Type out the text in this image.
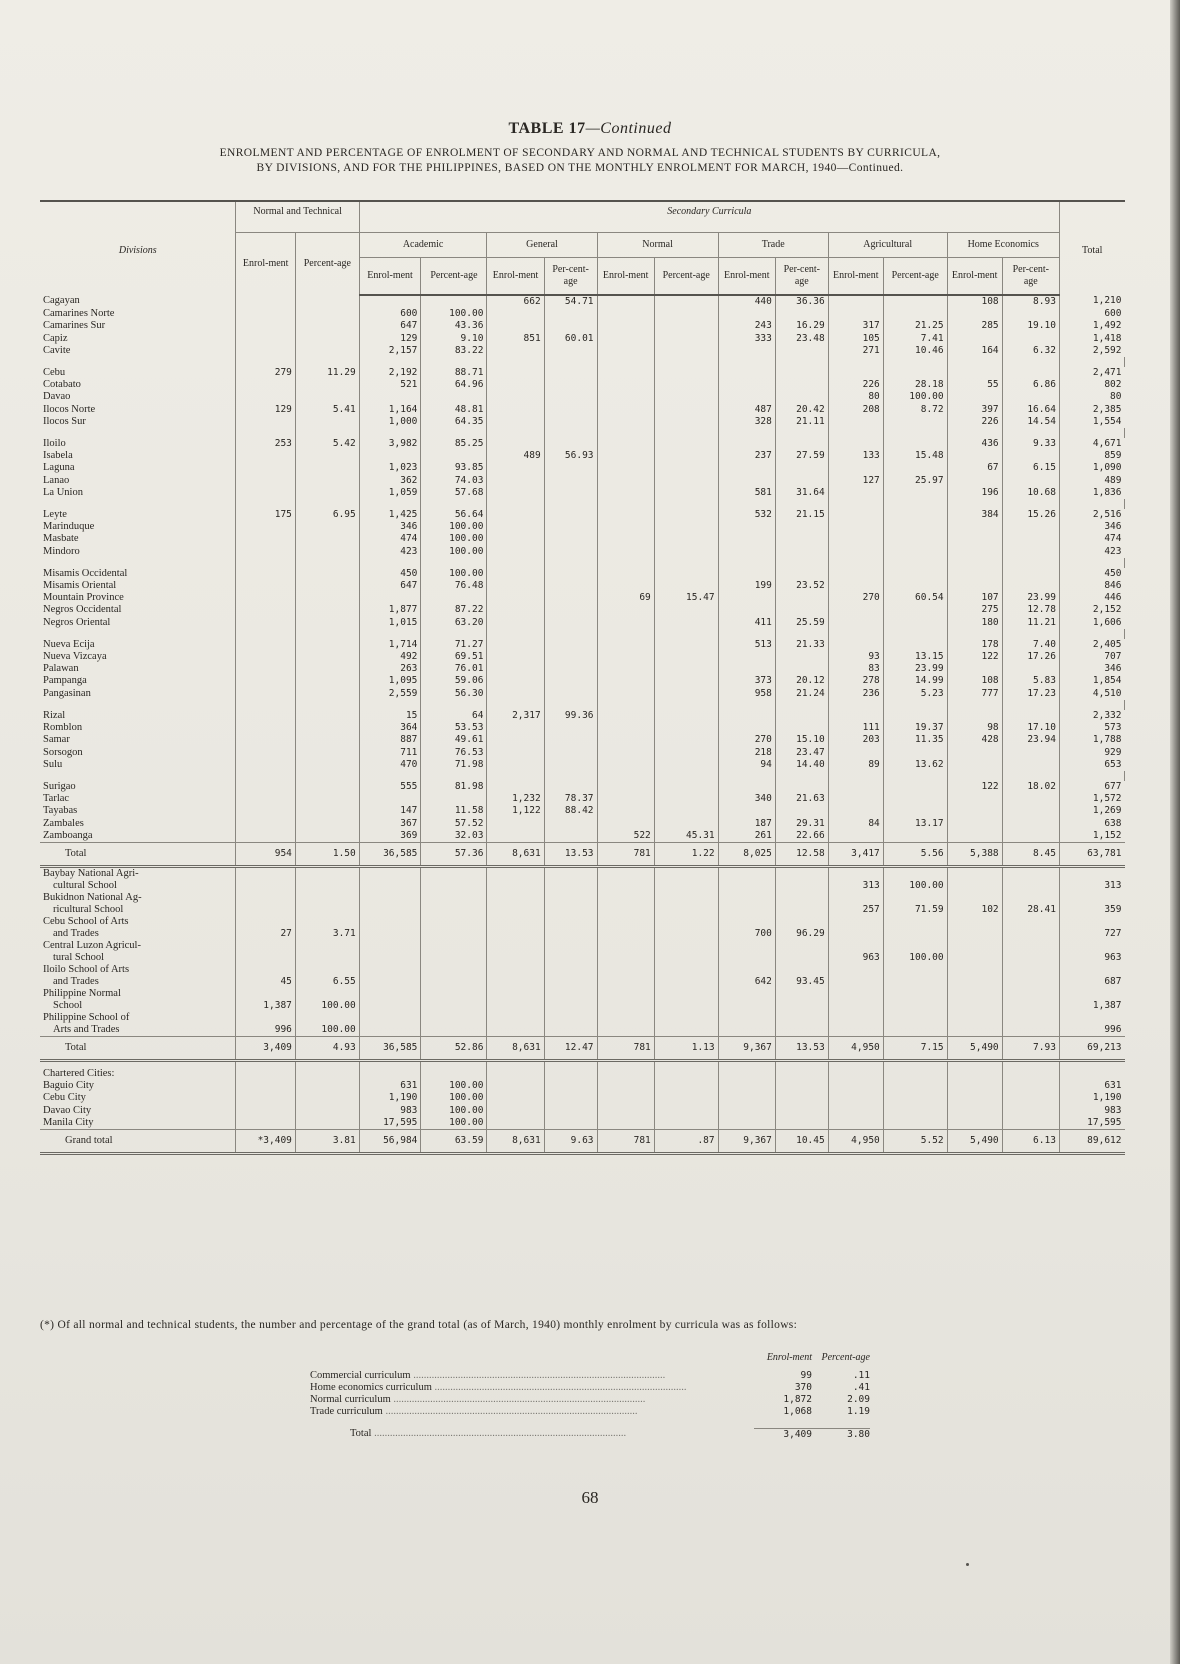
TABLE 17—Continued
ENROLMENT AND PERCENTAGE OF ENROLMENT OF SECONDARY AND NORMAL AND TECHNICAL STUDENTS BY CURRICULA,
BY DIVISIONS, AND FOR THE PHILIPPINES, BASED ON THE MONTHLY ENROLMENT FOR MARCH, 1940—Continued.
Divisions	Normal and Technical		Secondary Curricula												Total
	Enrol-ment	Percent-age	Academic		General		Normal		Trade		Agricultural		Home Economics		
			Enrol-ment	Percent-age	Enrol-ment	Per-cent-age	Enrol-ment	Percent-age	Enrol-ment	Per-cent-age	Enrol-ment	Percent-age	Enrol-ment	Per-cent-age	
Cagayan					662	54.71			440	36.36			108	8.93	1,210
Camarines Norte			600	100.00											600
Camarines Sur			647	43.36					243	16.29	317	21.25	285	19.10	1,492
Capiz			129	9.10	851	60.01			333	23.48	105	7.41			1,418
Cavite			2,157	83.22							271	10.46	164	6.32	2,592

Cebu	279	11.29	2,192	88.71											2,471
Cotabato			521	64.96							226	28.18	55	6.86	802
Davao											80	100.00			80
Ilocos Norte	129	5.41	1,164	48.81					487	20.42	208	8.72	397	16.64	2,385
Ilocos Sur			1,000	64.35					328	21.11			226	14.54	1,554

Iloilo	253	5.42	3,982	85.25									436	9.33	4,671
Isabela					489	56.93			237	27.59	133	15.48			859
Laguna			1,023	93.85									67	6.15	1,090
Lanao			362	74.03							127	25.97			489
La Union			1,059	57.68					581	31.64			196	10.68	1,836

Leyte	175	6.95	1,425	56.64					532	21.15			384	15.26	2,516
Marinduque			346	100.00											346
Masbate			474	100.00											474
Mindoro			423	100.00											423

Misamis Occidental			450	100.00											450
Misamis Oriental			647	76.48					199	23.52					846
Mountain Province							69	15.47			270	60.54	107	23.99	446
Negros Occidental			1,877	87.22									275	12.78	2,152
Negros Oriental			1,015	63.20					411	25.59			180	11.21	1,606

Nueva Ecija			1,714	71.27					513	21.33			178	7.40	2,405
Nueva Vizcaya			492	69.51							93	13.15	122	17.26	707
Palawan			263	76.01							83	23.99			346
Pampanga			1,095	59.06					373	20.12	278	14.99	108	5.83	1,854
Pangasinan			2,559	56.30					958	21.24	236	5.23	777	17.23	4,510

Rizal			15	64	2,317	99.36									2,332
Romblon			364	53.53							111	19.37	98	17.10	573
Samar			887	49.61					270	15.10	203	11.35	428	23.94	1,788
Sorsogon			711	76.53					218	23.47					929
Sulu			470	71.98					94	14.40	89	13.62			653

Surigao			555	81.98									122	18.02	677
Tarlac					1,232	78.37			340	21.63					1,572
Tayabas			147	11.58	1,122	88.42									1,269
Zambales			367	57.52					187	29.31	84	13.17			638
Zamboanga			369	32.03			522	45.31	261	22.66					1,152
Total	954	1.50	36,585	57.36	8,631	13.53	781	1.22	8,025	12.58	3,417	5.56	5,388	8.45	63,781

Baybay National Agri-
cultural School											313	100.00			313

Bukidnon National Ag-
ricultural School											257	71.59	102	28.41	359

Cebu School of Arts
and Trades	27	3.71							700	96.29					727

Central Luzon Agricul-
tural School											963	100.00			963

Iloilo School of Arts
and Trades	45	6.55							642	93.45					687

Philippine Normal
School	1,387	100.00													1,387

Philippine School of
Arts and Trades	996	100.00													996
Total	3,409	4.93	36,585	52.86	8,631	12.47	781	1.13	9,367	13.53	4,950	7.15	5,490	7.93	69,213
Chartered Cities:															
Baguio City			631	100.00											631
Cebu City			1,190	100.00											1,190
Davao City			983	100.00											983
Manila City			17,595	100.00											17,595
Grand total	*3,409	3.81	56,984	63.59	8,631	9.63	781	.87	9,367	10.45	4,950	5.52	5,490	6.13	89,612
(*) Of all normal and technical students, the number and percentage of the grand total (as of March, 1940) monthly enrolment by curricula was as follows:
Enrol-ment Percent-age
Commercial curriculum .....	99	.11
Home economics curriculum .....	370	.41
Normal curriculum .....	1,872	2.09
Trade curriculum .....	1,068	1.19
Total .....	3,409	3.80
68
